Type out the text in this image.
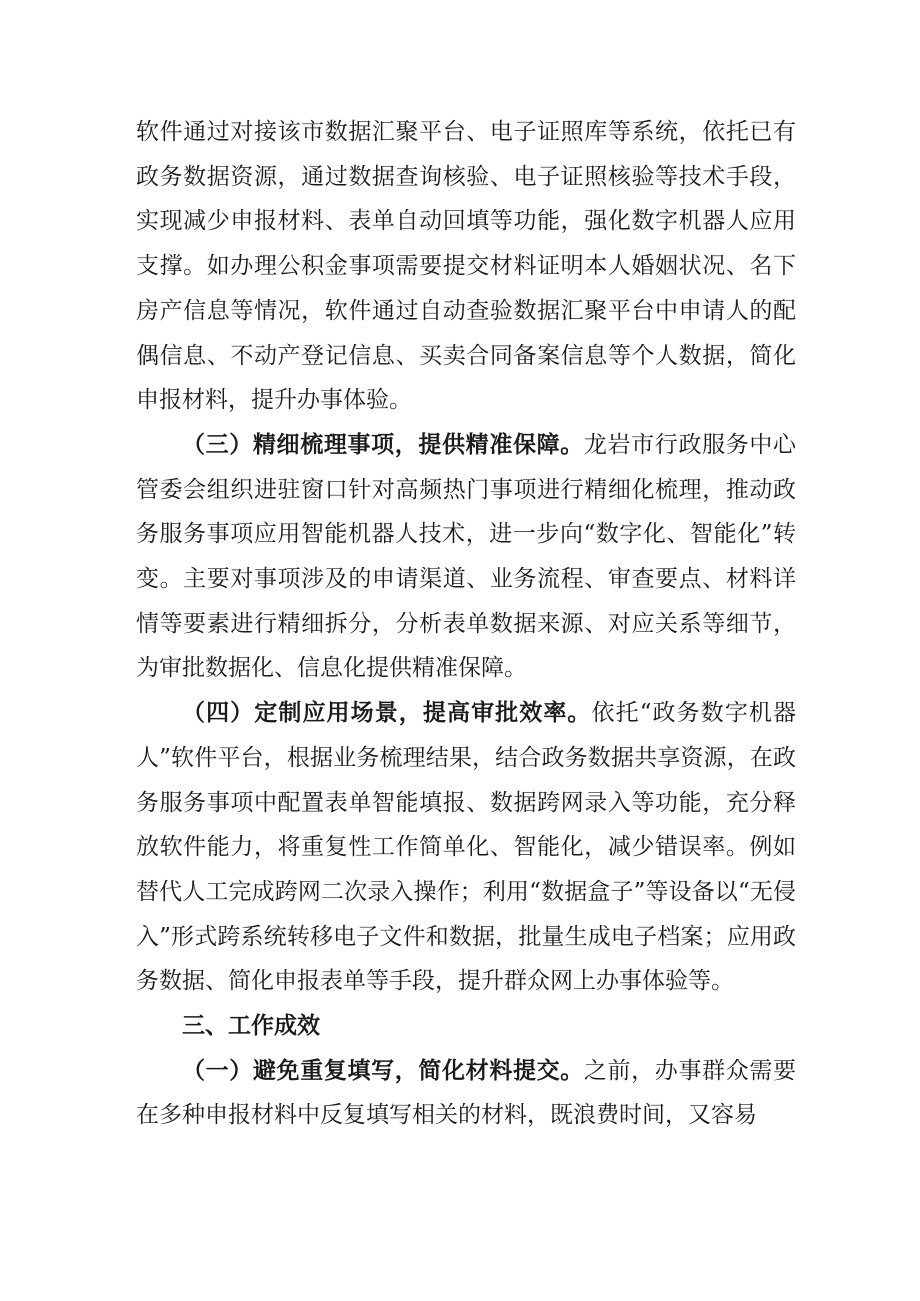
软件通过对接该市数据汇聚平台、电子证照库等系统，依托已有政务数据资源，通过数据查询核验、电子证照核验等技术手段，实现减少申报材料、表单自动回填等功能，强化数字机器人应用支撑。如办理公积金事项需要提交材料证明本人婚姻状况、名下房产信息等情况，软件通过自动查验数据汇聚平台中申请人的配偶信息、不动产登记信息、买卖合同备案信息等个人数据，简化申报材料，提升办事体验。

（三）精细梳理事项，提供精准保障。龙岩市行政服务中心管委会组织进驻窗口针对高频热门事项进行精细化梳理，推动政务服务事项应用智能机器人技术，进一步向“数字化、智能化”转变。主要对事项涉及的申请渠道、业务流程、审查要点、材料详情等要素进行精细拆分，分析表单数据来源、对应关系等细节，为审批数据化、信息化提供精准保障。

（四）定制应用场景，提高审批效率。依托“政务数字机器人”软件平台，根据业务梳理结果，结合政务数据共享资源，在政务服务事项中配置表单智能填报、数据跨网录入等功能，充分释放软件能力，将重复性工作简单化、智能化，减少错误率。例如替代人工完成跨网二次录入操作；利用“数据盒子”等设备以“无侵入”形式跨系统转移电子文件和数据，批量生成电子档案；应用政务数据、简化申报表单等手段，提升群众网上办事体验等。

三、工作成效

（一）避免重复填写，简化材料提交。之前，办事群众需要在多种申报材料中反复填写相关的材料，既浪费时间，又容易
